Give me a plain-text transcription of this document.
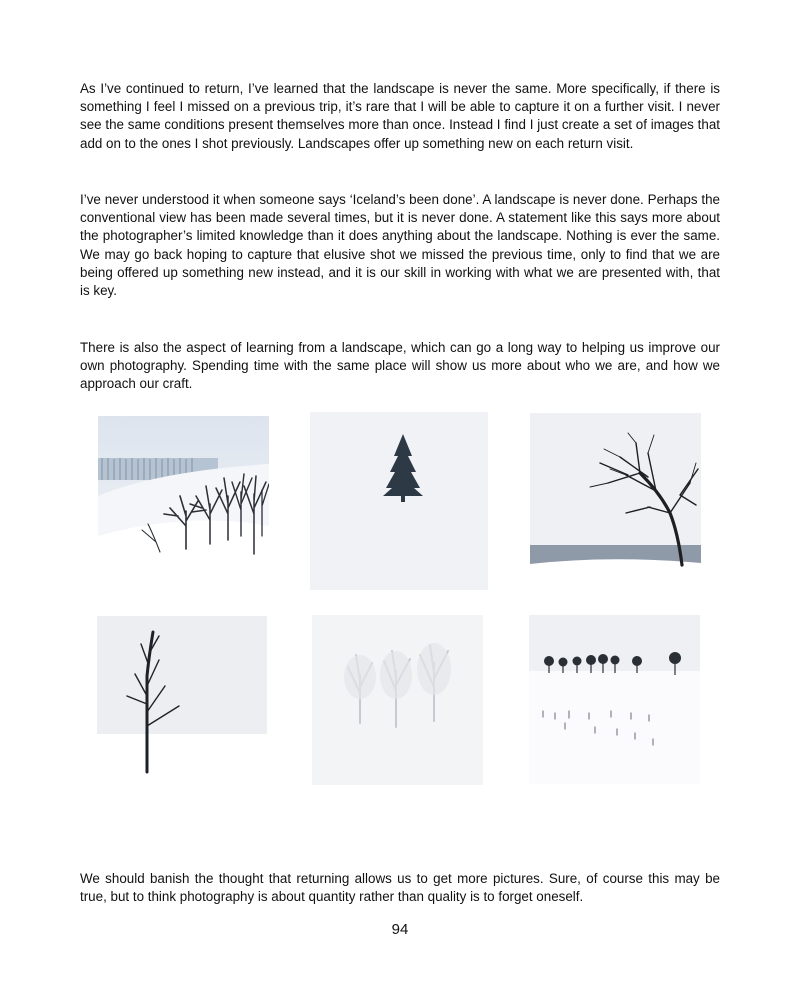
As I’ve continued to return, I’ve learned that the landscape is never the same. More specifically, if there is something I feel I missed on a previous trip, it’s rare that I will be able to capture it on a further visit. I never see the same conditions present themselves more than once. Instead I find I just create a set of images that add on to the ones I shot previously. Landscapes offer up something new on each return visit.

I’ve never understood it when someone says ‘Iceland’s been done’. A landscape is never done. Perhaps the conventional view has been made several times, but it is never done. A statement like this says more about the photographer’s limited knowledge than it does anything about the landscape. Nothing is ever the same. We may go back hoping to capture that elusive shot we missed the previous time, only to find that we are being offered up something new instead, and it is our skill in working with what we are presented with, that is key.

There is also the aspect of learning from a landscape, which can go a long way to helping us improve our own photography. Spending time with the same place will show us more about who we are, and how we approach our craft.

We should banish the thought that returning allows us to get more pictures. Sure, of course this may be true, but to think photography is about quantity rather than quality is to forget oneself.

94
